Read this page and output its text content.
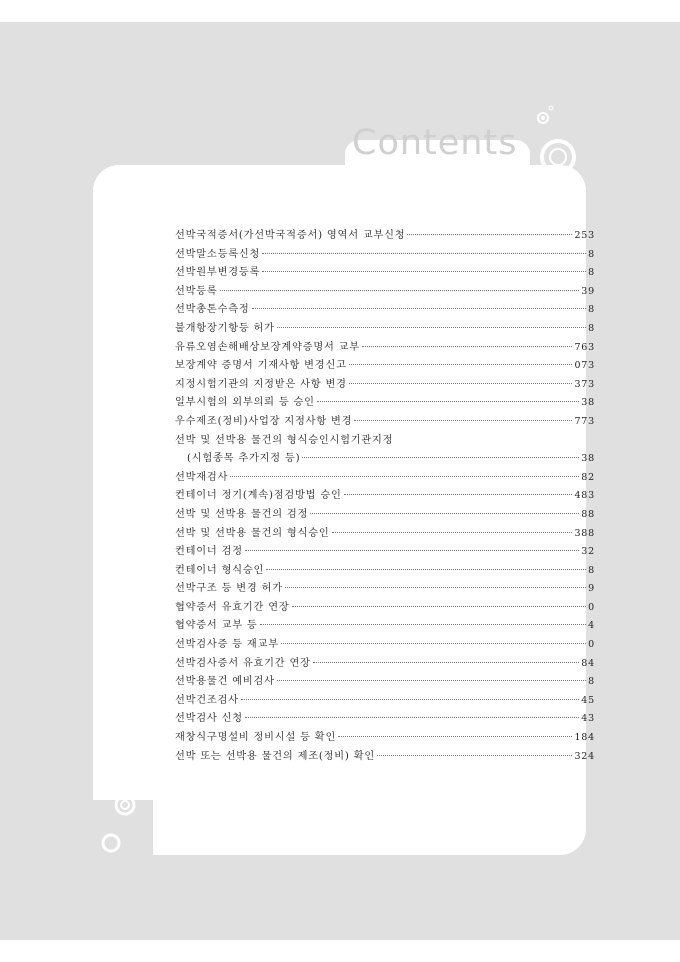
Contents
선박국적증서(가선박국적증서) 영역서 교부신청	253
선박말소등록신청	8
선박원부변경등록	8
선박등록	39
선박총톤수측정	8
불개항장기항등 허가	8
유류오염손해배상보장계약증명서 교부	763
보장계약 증명서 기재사항 변경신고	073
지정시험기관의 지정받은 사항 변경	373
일부시험의 외부의뢰 등 승인	38
우수제조(정비)사업장 지정사항 변경	773
선박 및 선박용 물건의 형식승인시험기관지정
(시험종목 추가지정 등)	38
선박재검사	82
컨테이너 정기(계속)점검방법 승인	483
선박 및 선박용 물건의 검정	88
선박 및 선박용 물건의 형식승인	388
컨테이너 검정	32
컨테이너 형식승인	8
선박구조 등 변경 허가	9
협약증서 유효기간 연장	0
협약증서 교부 등	4
선박검사증 등 재교부	0
선박검사증서 유효기간 연장	84
선박용물건 예비검사	8
선박건조검사	45
선박검사 신청	43
재창식구명설비 정비시설 등 확인	184
선박 또는 선박용 물건의 제조(정비) 확인	324
